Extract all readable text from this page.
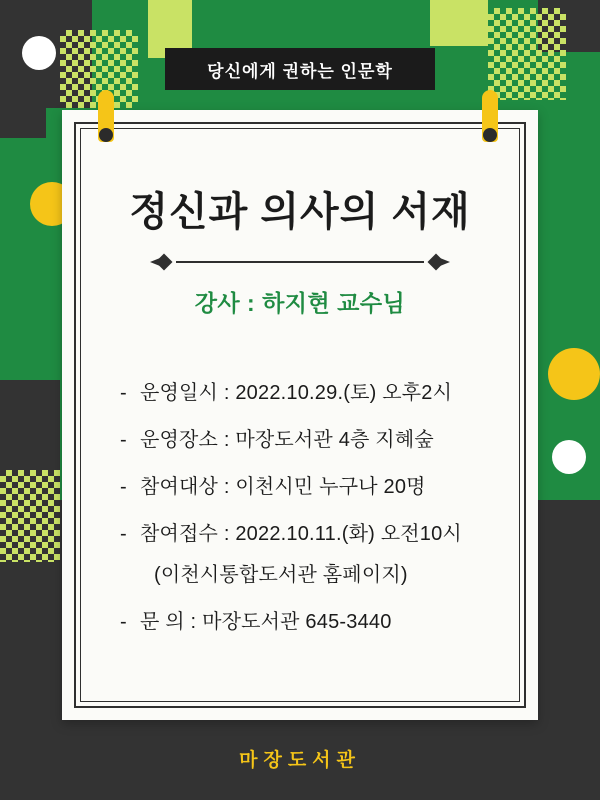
당신에게 권하는 인문학
정신과 의사의 서재
강사 : 하지현 교수님
- 운영일시 : 2022.10.29.(토) 오후2시
- 운영장소 : 마장도서관 4층 지혜숲
- 참여대상 : 이천시민 누구나 20명
- 참여접수 : 2022.10.11.(화) 오전10시
(이천시통합도서관 홈페이지)
- 문 의 : 마장도서관 645-3440
마장도서관
